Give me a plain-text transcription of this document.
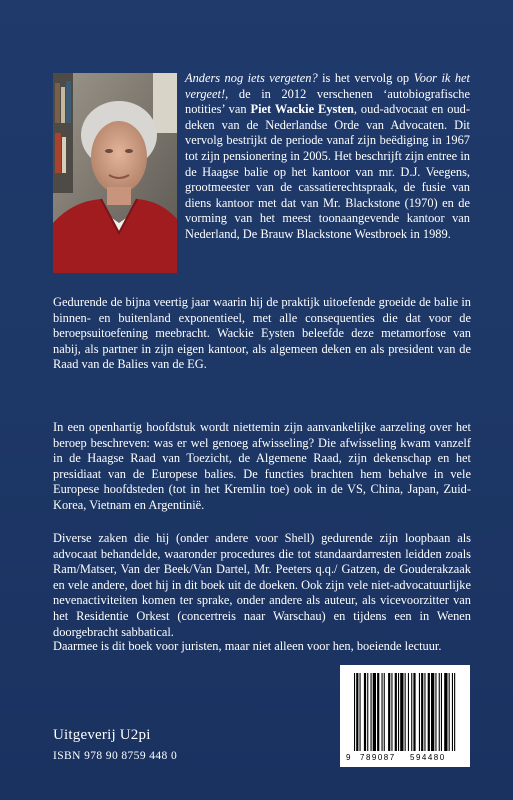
Anders nog iets vergeten? is het vervolg op Voor ik het vergeet!, de in 2012 verschenen ‘autobiografische notities’ van Piet Wackie Eysten, oud-advocaat en oud-deken van de Nederlandse Orde van Advocaten. Dit vervolg bestrijkt de periode vanaf zijn beëdiging in 1967 tot zijn pensionering in 2005. Het beschrijft zijn entree in de Haagse balie op het kantoor van mr. D.J. Veegens, grootmeester van de cassatierechtspraak, de fusie van diens kantoor met dat van Mr. Blackstone (1970) en de vorming van het meest toonaangevende kantoor van Nederland, De Brauw Blackstone Westbroek in 1989.

Gedurende de bijna veertig jaar waarin hij de praktijk uitoefende groeide de balie in binnen- en buitenland exponentieel, met alle consequenties die dat voor de beroepsuitoefening meebracht. Wackie Eysten beleefde deze metamorfose van nabij, als partner in zijn eigen kantoor, als algemeen deken en als president van de Raad van de Balies van de EG.

In een openhartig hoofdstuk wordt niettemin zijn aanvankelijke aarzeling over het beroep beschreven: was er wel genoeg afwisseling? Die afwisseling kwam vanzelf in de Haagse Raad van Toezicht, de Algemene Raad, zijn dekenschap en het presidiaat van de Europese balies. De functies brachten hem behalve in vele Europese hoofdsteden (tot in het Kremlin toe) ook in de VS, China, Japan, Zuid-Korea, Vietnam en Argentinië.

Diverse zaken die hij (onder andere voor Shell) gedurende zijn loopbaan als advocaat behandelde, waaronder procedures die tot standaardarresten leidden zoals Ram/Matser, Van der Beek/Van Dartel, Mr. Peeters q.q./ Gatzen, de Gouderakzaak en vele andere, doet hij in dit boek uit de doeken. Ook zijn vele niet-advocatuurlijke nevenactiviteiten komen ter sprake, onder andere als auteur, als vicevoorzitter van het Residentie Orkest (concertreis naar Warschau) en tijdens een in Wenen doorgebracht sabbatical.

Daarmee is dit boek voor juristen, maar niet alleen voor hen, boeiende lectuur.

Uitgeverij U2pi
ISBN 978 90 8759 448 0	9 789087 594480
